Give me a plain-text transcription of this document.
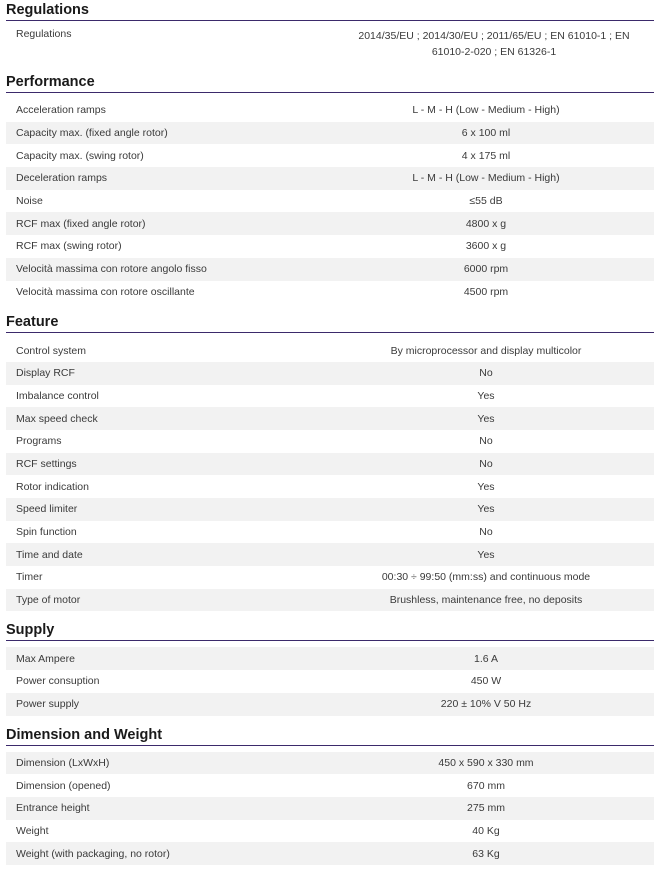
Regulations
Regulations	2014/35/EU ; 2014/30/EU ; 2011/65/EU ; EN 61010-1 ; EN 61010-2-020 ; EN 61326-1
Performance
Acceleration ramps	L - M - H (Low - Medium - High)
Capacity max. (fixed angle rotor)	6 x 100 ml
Capacity max. (swing rotor)	4 x 175 ml
Deceleration ramps	L - M - H (Low - Medium - High)
Noise	≤55 dB
RCF max (fixed angle rotor)	4800 x g
RCF max (swing rotor)	3600 x g
Velocità massima con rotore angolo fisso	6000 rpm
Velocità massima con rotore oscillante	4500 rpm
Feature
Control system	By microprocessor and display multicolor
Display RCF	No
Imbalance control	Yes
Max speed check	Yes
Programs	No
RCF settings	No
Rotor indication	Yes
Speed limiter	Yes
Spin function	No
Time and date	Yes
Timer	00:30 ÷ 99:50 (mm:ss) and continuous mode
Type of motor	Brushless, maintenance free, no deposits
Supply
Max Ampere	1.6 A
Power consuption	450 W
Power supply	220 ± 10% V 50 Hz
Dimension and Weight
Dimension (LxWxH)	450 x 590 x 330 mm
Dimension (opened)	670 mm
Entrance height	275 mm
Weight	40 Kg
Weight (with packaging, no rotor)	63 Kg
